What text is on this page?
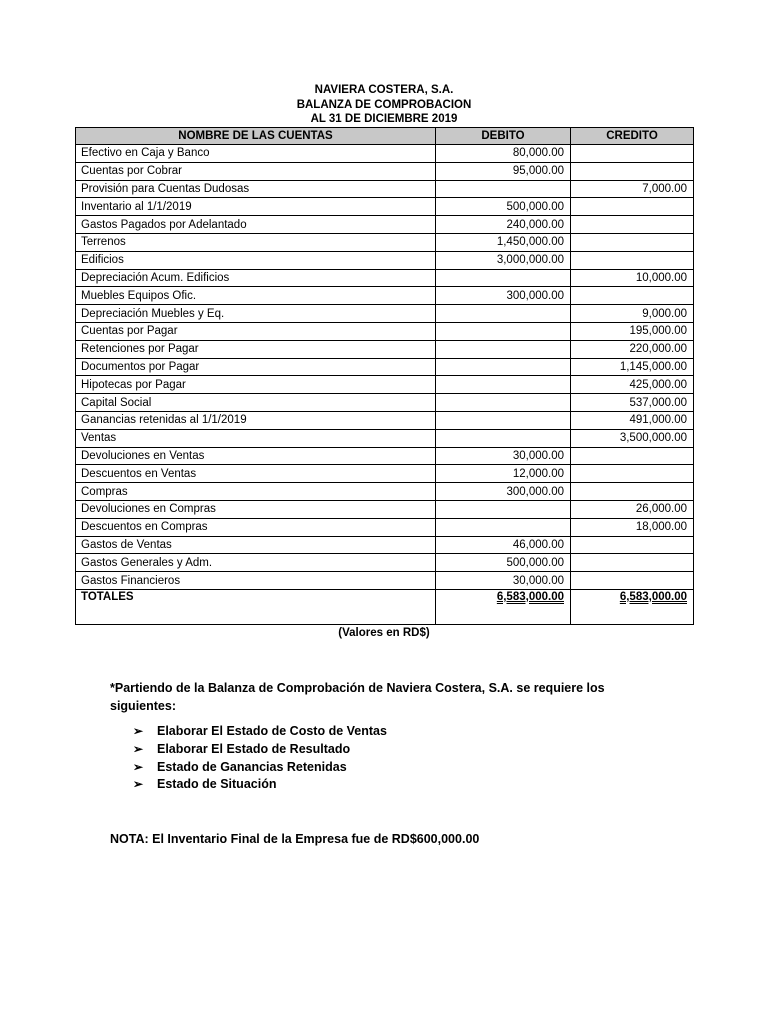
NAVIERA COSTERA, S.A.
BALANZA DE COMPROBACION
AL 31 DE DICIEMBRE 2019
NOMBRE DE LAS CUENTAS	DEBITO	CREDITO
Efectivo en Caja y Banco	80,000.00	
Cuentas por Cobrar	95,000.00	
Provisión para Cuentas Dudosas		7,000.00
Inventario al 1/1/2019	500,000.00	
Gastos Pagados por Adelantado	240,000.00	
Terrenos	1,450,000.00	
Edificios	3,000,000.00	
Depreciación Acum. Edificios		10,000.00
Muebles Equipos Ofic.	300,000.00	
Depreciación Muebles y Eq.		9,000.00
Cuentas por Pagar		195,000.00
Retenciones por Pagar		220,000.00
Documentos por Pagar		1,145,000.00
Hipotecas por Pagar		425,000.00
Capital Social		537,000.00
Ganancias retenidas al 1/1/2019		491,000.00
Ventas		3,500,000.00
Devoluciones en Ventas	30,000.00	
Descuentos en Ventas	12,000.00	
Compras	300,000.00	
Devoluciones en Compras		26,000.00
Descuentos en Compras		18,000.00
Gastos de Ventas	46,000.00	
Gastos Generales y Adm.	500,000.00	
Gastos Financieros	30,000.00	
TOTALES	6,583,000.00	6,583,000.00
(Valores en RD$)
*Partiendo de la Balanza de Comprobación de Naviera Costera, S.A. se requiere los siguientes:
➢	Elaborar El Estado de Costo de Ventas
➢	Elaborar El Estado de Resultado
➢	Estado de Ganancias Retenidas
➢	Estado de Situación
NOTA: El Inventario Final de la Empresa fue de RD$600,000.00
